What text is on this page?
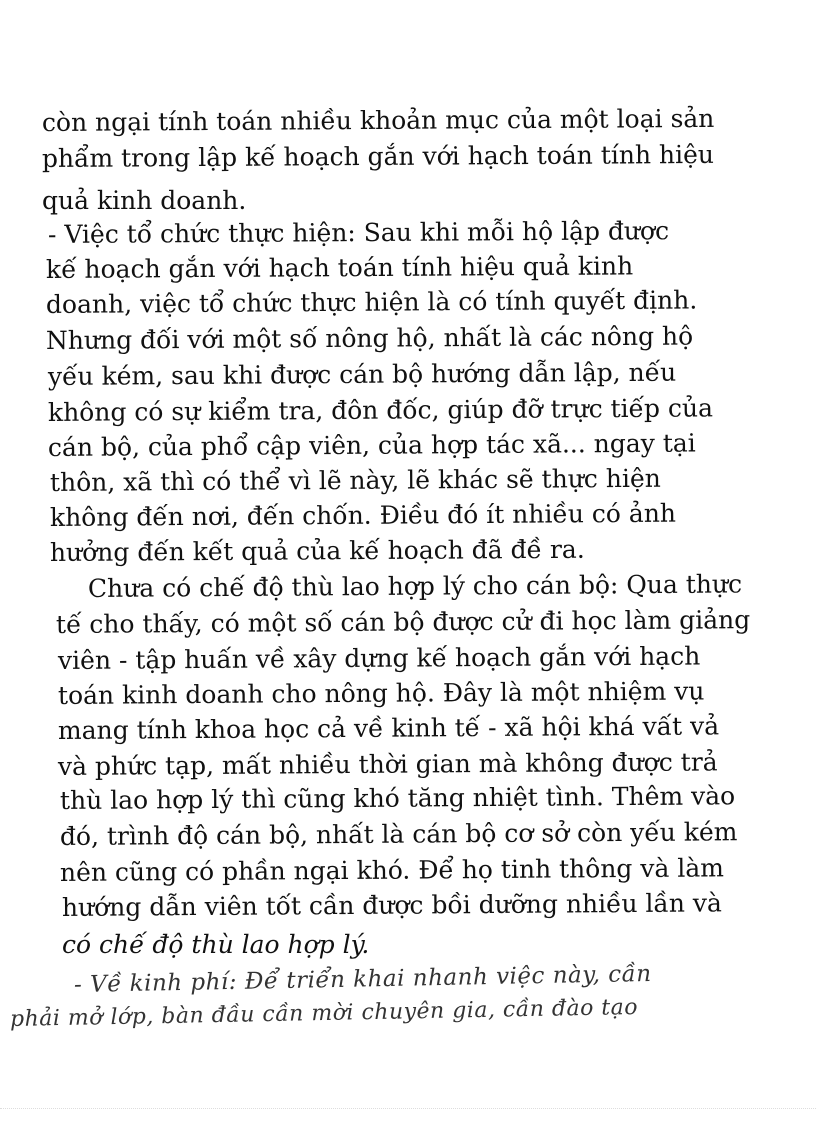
còn ngại tính toán nhiều khoản mục của một loại sản
phẩm trong lập kế hoạch gắn với hạch toán tính hiệu
quả kinh doanh.
- Việc tổ chức thực hiện: Sau khi mỗi hộ lập được
kế hoạch gắn với hạch toán tính hiệu quả kinh
doanh, việc tổ chức thực hiện là có tính quyết định.
Nhưng đối với một số nông hộ, nhất là các nông hộ
yếu kém, sau khi được cán bộ hướng dẫn lập, nếu
không có sự kiểm tra, đôn đốc, giúp đỡ trực tiếp của
cán bộ, của phổ cập viên, của hợp tác xã... ngay tại
thôn, xã thì có thể vì lẽ này, lẽ khác sẽ thực hiện
không đến nơi, đến chốn. Điều đó ít nhiều có ảnh
hưởng đến kết quả của kế hoạch đã đề ra.
Chưa có chế độ thù lao hợp lý cho cán bộ: Qua thực
tế cho thấy, có một số cán bộ được cử đi học làm giảng
viên - tập huấn về xây dựng kế hoạch gắn với hạch
toán kinh doanh cho nông hộ. Đây là một nhiệm vụ
mang tính khoa học cả về kinh tế - xã hội khá vất vả
và phức tạp, mất nhiều thời gian mà không được trả
thù lao hợp lý thì cũng khó tăng nhiệt tình. Thêm vào
đó, trình độ cán bộ, nhất là cán bộ cơ sở còn yếu kém
nên cũng có phần ngại khó. Để họ tinh thông và làm
hướng dẫn viên tốt cần được bồi dưỡng nhiều lần và
có chế độ thù lao hợp lý.
- Về kinh phí: Để triển khai nhanh việc này, cần
phải mở lớp, bàn đầu cần mời chuyên gia, cần đào tạo
